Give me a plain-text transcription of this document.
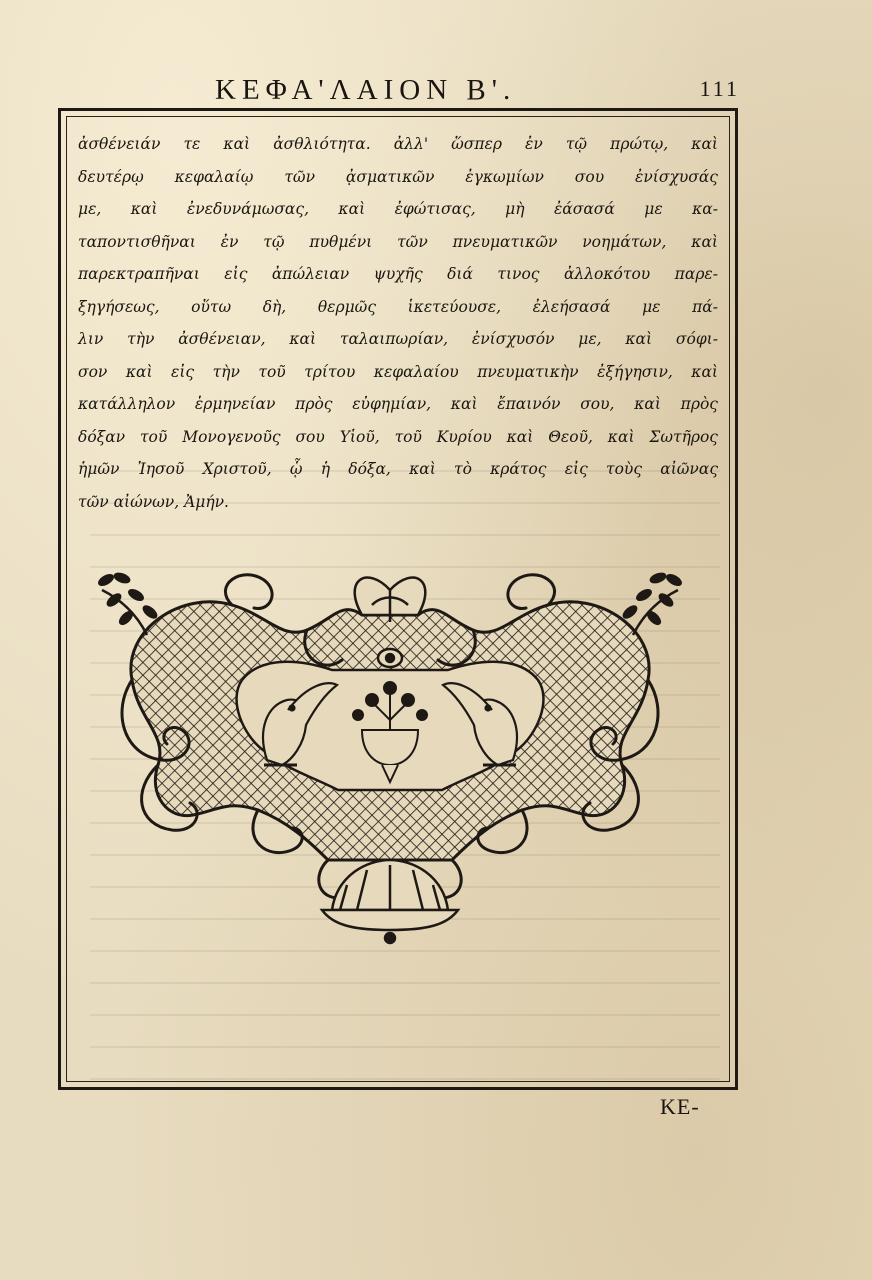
ΚΕΦΑ'ΛΑΙΟΝ Β'.	111
ἀσθένειάν τε καὶ ἀσθλιότητα. ἀλλ' ὥσπερ ἐν τῷ πρώτῳ, καὶ
δευτέρῳ κεφαλαίῳ τῶν ᾀσματικῶν ἐγκωμίων σου ἐνίσχυσάς
με, καὶ ἐνεδυνάμωσας, καὶ ἐφώτισας, μὴ ἐάσασά με κα-
ταποντισθῆναι ἐν τῷ πυθμένι τῶν πνευματικῶν νοημάτων, καὶ
παρεκτραπῆναι εἰς ἀπώλειαν ψυχῆς διά τινος ἀλλοκότου παρε-
ξηγήσεως, οὕτω δὴ, θερμῶς ἱκετεύουσε, ἐλεήσασά με πά-
λιν τὴν ἀσθένειαν, καὶ ταλαιπωρίαν, ἐνίσχυσόν με, καὶ σόφι-
σον καὶ εἰς τὴν τοῦ τρίτου κεφαλαίου πνευματικὴν ἐξήγησιν, καὶ
κατάλληλον ἑρμηνείαν πρὸς εὐφημίαν, καὶ ἔπαινόν σου, καὶ πρὸς
δόξαν τοῦ Μονογενοῦς σου Υἱοῦ, τοῦ Κυρίου καὶ Θεοῦ, καὶ Σωτῆρος
ἡμῶν Ἰησοῦ Χριστοῦ, ᾧ ἡ δόξα, καὶ τὸ κράτος εἰς τοὺς αἰῶνας
τῶν αἰώνων, Ἀμήν.
ΚΕ-
